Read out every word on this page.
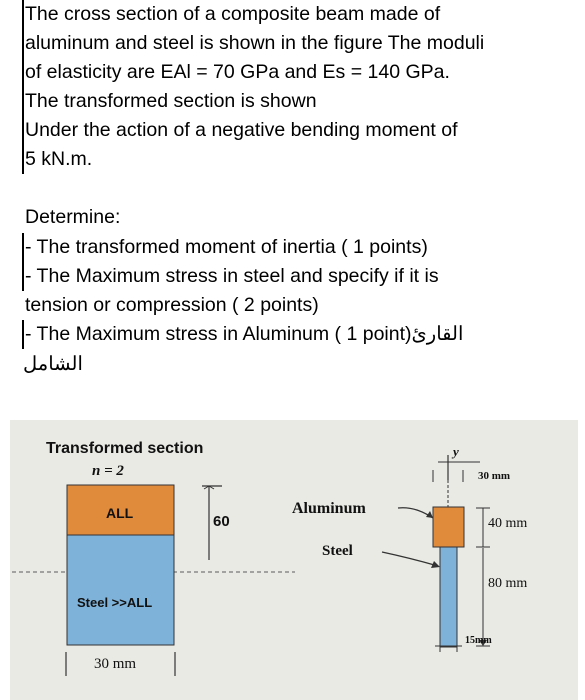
The cross section of a composite beam made of
aluminum and steel is shown in the figure The moduli
of elasticity are EAl = 70 GPa and Es = 140 GPa.
The transformed section is shown
Under the action of a negative bending moment of
5 kN.m.
Determine:
- The transformed moment of inertia ( 1 points)
- The Maximum stress in steel and specify if it is
tension or compression ( 2 points)
- The Maximum stress in Aluminum ( 1 point)القارئ
الشامل
Transformed section
n = 2
ALL
Steel >>ALL
60
30 mm
Aluminum
Steel
y
30 mm
40 mm
80 mm
15mm
